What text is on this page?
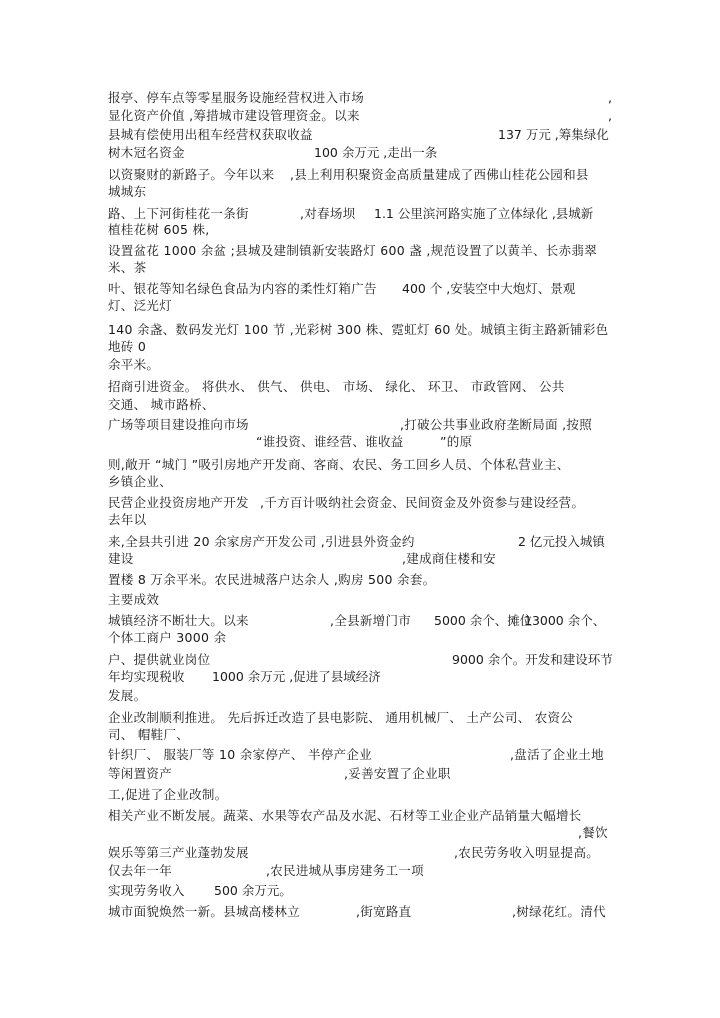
报亭、停车点等零星服务设施经营权进入市场	,
显化资产价值 ,筹措城市建设管理资金。以来	,
县城有偿使用出租车经营权获取收益	137 万元 ,筹集绿化
树木冠名资金	100 余万元 ,走出一条
以资聚财的新路子。今年以来 ,县上利用积聚资金高质量建成了西佛山桂花公园和县
城城东
路、上下河街桂花一条街	,对春场坝 1.1 公里滨河路实施了立体绿化 ,县城新
植桂花树 605 株,
设置盆花 1000 余盆 ;县城及建制镇新安装路灯 600 盏 ,规范设置了以黄羊、长赤翡翠
米、茶
叶、银花等知名绿色食品为内容的柔性灯箱广告 400 个 ,安装空中大炮灯、景观
灯、泛光灯
140 余盏、数码发光灯 100 节 ,光彩树 300 株、霓虹灯 60 处。城镇主街主路新铺彩色
地砖 0
余平米。
招商引进资金。 将供水、 供气、 供电、 市场、 绿化、 环卫、 市政管网、 公共
交通、 城市路桥、
广场等项目建设推向市场	,打破公共事业政府垄断局面 ,按照
“谁投资、谁经营、谁收益	”的原
则,敞开 “城门 ”吸引房地产开发商、客商、农民、务工回乡人员、个体私营业主、
乡镇企业、
民营企业投资房地产开发 ,千方百计吸纳社会资金、民间资金及外资参与建设经营。
去年以
来,全县共引进 20 余家房产开发公司 ,引进县外资金约	2 亿元投入城镇
建设	,建成商住楼和安
置楼 8 万余平米。农民进城落户达余人 ,购房 500 余套。
主要成效
城镇经济不断壮大。以来	,全县新增门市 5000 余个、摊位
13000 余个、
个体工商户 3000 余
户、提供就业岗位	9000 余个。开发和建设环节
年均实现税收 1000 余万元 ,促进了县域经济
发展。
企业改制顺利推进。 先后拆迁改造了县电影院、 通用机械厂、 土产公司、 农资公
司、 帽鞋厂、
针织厂、 服装厂等 10 余家停产、 半停产企业	,盘活了企业土地
等闲置资产	,妥善安置了企业职
工,促进了企业改制。
相关产业不断发展。蔬菜、水果等农产品及水泥、石材等工业企业产品销量大幅增长
,餐饮
娱乐等第三产业蓬勃发展	,农民劳务收入明显提高。
仅去年一年	,农民进城从事房建务工一项
实现劳务收入 500 余万元。
城市面貌焕然一新。县城高楼林立	,街宽路直	,树绿花红。清代
